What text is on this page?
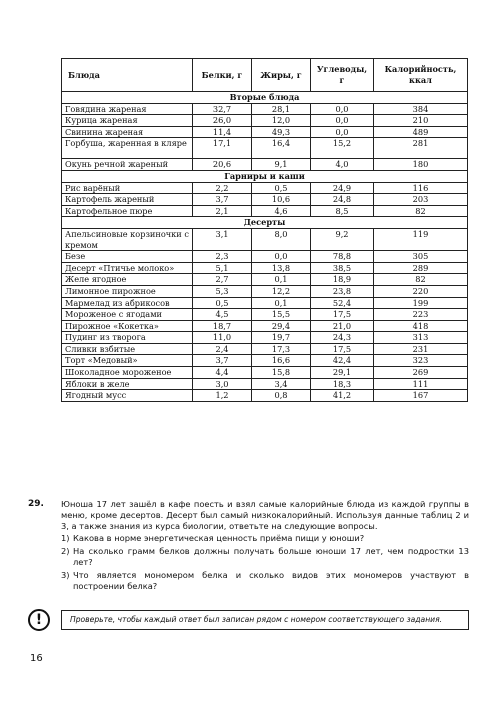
Блюда	Белки, г	Жиры, г	Углеводы, г	Калорийность, ккал
Вторые блюда				
Говядина жареная	32,7	28,1	0,0	384
Курица жареная	26,0	12,0	0,0	210
Свинина жареная	11,4	49,3	0,0	489
Горбуша, жаренная в кляре	17,1	16,4	15,2	281
Окунь речной жареный	20,6	9,1	4,0	180
Гарниры и каши				
Рис варёный	2,2	0,5	24,9	116
Картофель жареный	3,7	10,6	24,8	203
Картофельное пюре	2,1	4,6	8,5	82
Десерты				
Апельсиновые корзиночки с кремом	3,1	8,0	9,2	119
Безе	2,3	0,0	78,8	305
Десерт «Птичье молоко»	5,1	13,8	38,5	289
Желе ягодное	2,7	0,1	18,9	82
Лимонное пирожное	5,3	12,2	23,8	220
Мармелад из абрикосов	0,5	0,1	52,4	199
Мороженое с ягодами	4,5	15,5	17,5	223
Пирожное «Кокетка»	18,7	29,4	21,0	418
Пудинг из творога	11,0	19,7	24,3	313
Сливки взбитые	2,4	17,3	17,5	231
Торт «Медовый»	3,7	16,6	42,4	323
Шоколадное мороженое	4,4	15,8	29,1	269
Яблоки в желе	3,0	3,4	18,3	111
Ягодный мусс	1,2	0,8	41,2	167
29. Юноша 17 лет зашёл в кафе поесть и взял самые калорийные блюда из каждой группы в меню, кроме десертов. Десерт был самый низкокалорийный. Используя данные таблиц 2 и 3, а также знания из курса биологии, ответьте на следующие вопросы.
1) Какова в норме энергетическая ценность приёма пищи у юноши?
2) На сколько грамм белков должны получать больше юноши 17 лет, чем подростки 13 лет?
3) Что является мономером белка и сколько видов этих мономеров участвуют в построении белка?
!	Проверьте, чтобы каждый ответ был записан рядом с номером соответствующего задания.
16
